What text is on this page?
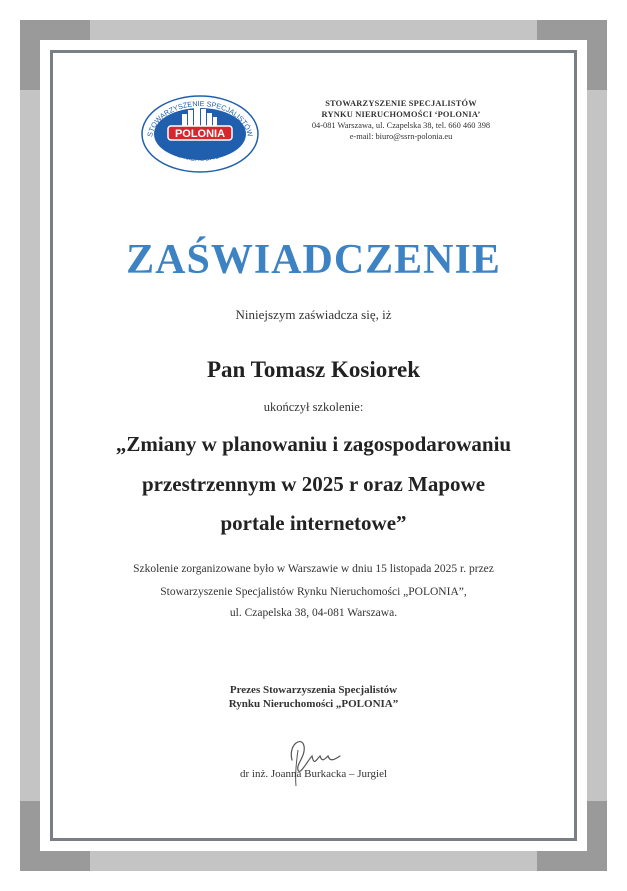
POLONIA
STOWARZYSZENIE SPECJALISTÓW
RYNKU NIERUCHOMOŚC
STOWARZYSZENIE SPECJALISTÓW
RYNKU NIERUCHOMOŚCI ‘POLONIA’
04-081 Warszawa, ul. Czapelska 38, tel. 660 460 398
e-mail: biuro@ssrn-polonia.eu
ZAŚWIADCZENIE
Niniejszym zaświadcza się, iż
Pan Tomasz Kosiorek
ukończył szkolenie:
„Zmiany w planowaniu i zagospodarowaniu
przestrzennym w 2025 r oraz Mapowe
portale internetowe”
Szkolenie zorganizowane było w Warszawie w dniu 15 listopada 2025 r. przez
Stowarzyszenie Specjalistów Rynku Nieruchomości „POLONIA”,
ul. Czapelska 38, 04-081 Warszawa.
Prezes Stowarzyszenia Specjalistów
Rynku Nieruchomości „POLONIA”
dr inż. Joanna Burkacka – Jurgiel
